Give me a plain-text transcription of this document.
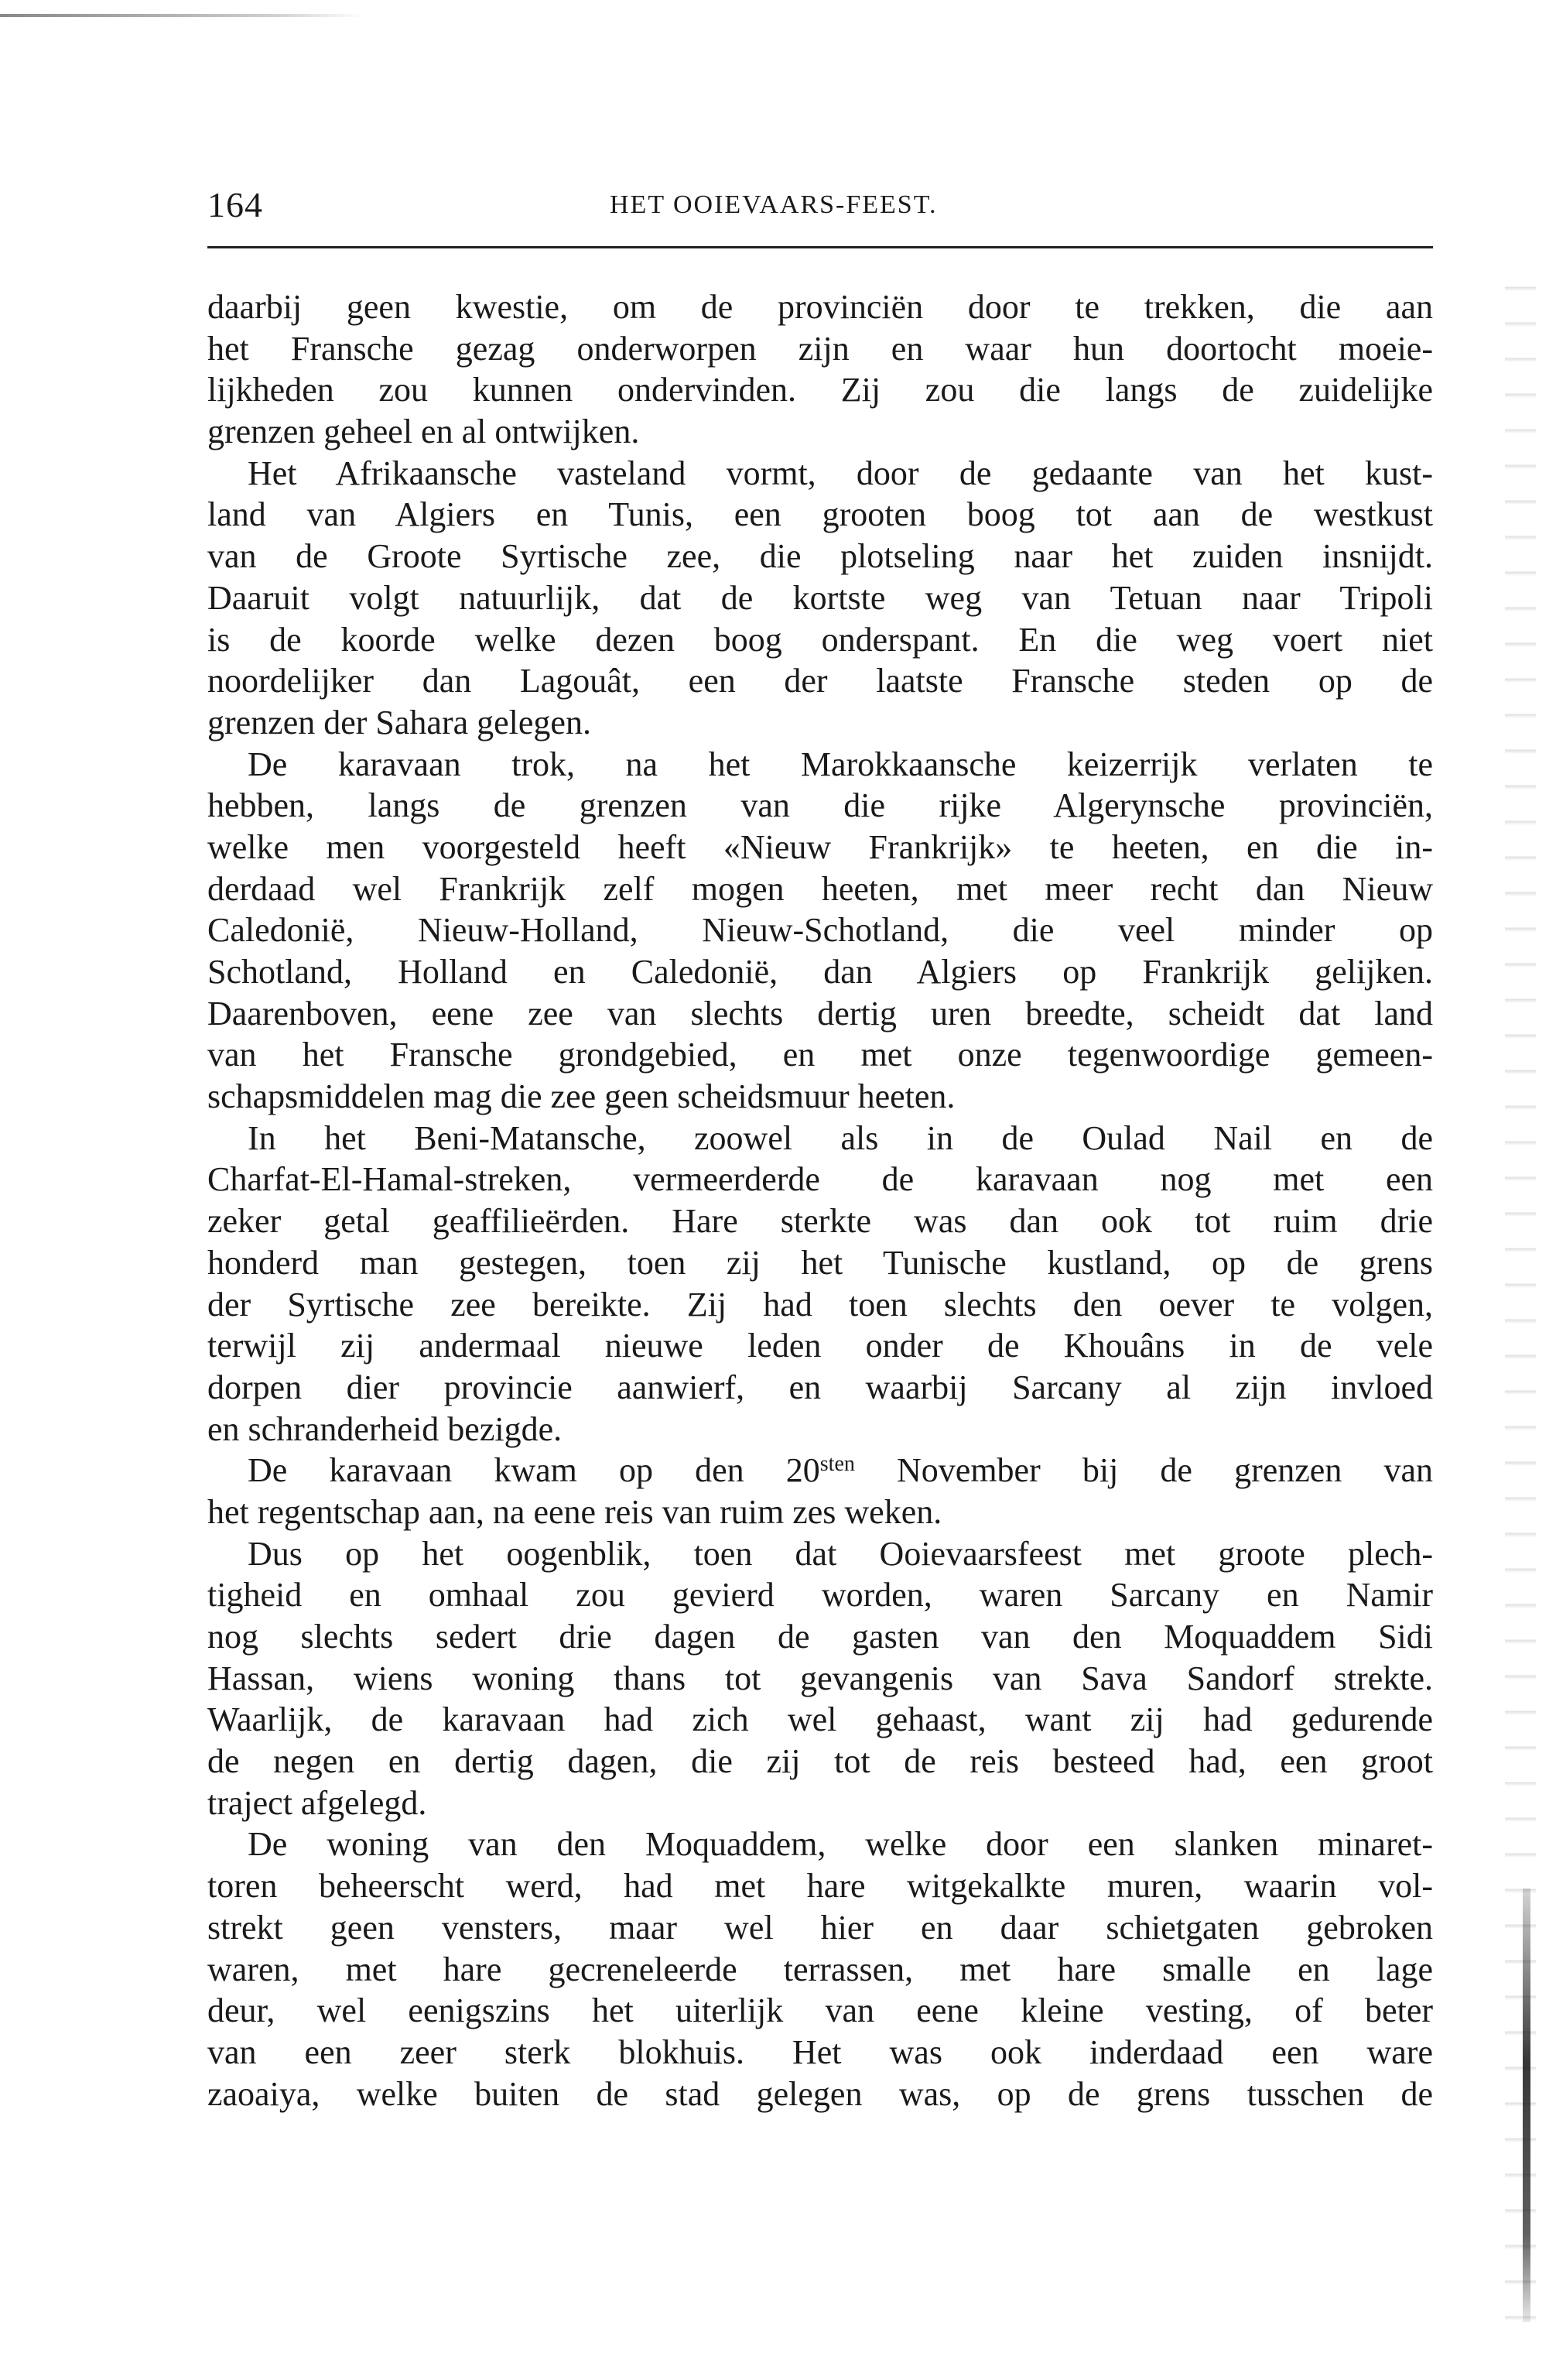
164	HET OOIEVAARS-FEEST.
daarbij geen kwestie, om de provinciën door te trekken, die aan
het Fransche gezag onderworpen zijn en waar hun doortocht moeie-
lijkheden zou kunnen ondervinden. Zij zou die langs de zuidelijke
grenzen geheel en al ontwijken.
Het Afrikaansche vasteland vormt, door de gedaante van het kust-
land van Algiers en Tunis, een grooten boog tot aan de westkust
van de Groote Syrtische zee, die plotseling naar het zuiden insnijdt.
Daaruit volgt natuurlijk, dat de kortste weg van Tetuan naar Tripoli
is de koorde welke dezen boog onderspant. En die weg voert niet
noordelijker dan Lagouât, een der laatste Fransche steden op de
grenzen der Sahara gelegen.
De karavaan trok, na het Marokkaansche keizerrijk verlaten te
hebben, langs de grenzen van die rijke Algerynsche provinciën,
welke men voorgesteld heeft «Nieuw Frankrijk» te heeten, en die in-
derdaad wel Frankrijk zelf mogen heeten, met meer recht dan Nieuw
Caledonië, Nieuw-Holland, Nieuw-Schotland, die veel minder op
Schotland, Holland en Caledonië, dan Algiers op Frankrijk gelijken.
Daarenboven, eene zee van slechts dertig uren breedte, scheidt dat land
van het Fransche grondgebied, en met onze tegenwoordige gemeen-
schapsmiddelen mag die zee geen scheidsmuur heeten.
In het Beni-Matansche, zoowel als in de Oulad Nail en de
Charfat-El-Hamal-streken, vermeerderde de karavaan nog met een
zeker getal geaffilieërden. Hare sterkte was dan ook tot ruim drie
honderd man gestegen, toen zij het Tunische kustland, op de grens
der Syrtische zee bereikte. Zij had toen slechts den oever te volgen,
terwijl zij andermaal nieuwe leden onder de Khouâns in de vele
dorpen dier provincie aanwierf, en waarbij Sarcany al zijn invloed
en schranderheid bezigde.
De karavaan kwam op den $20^{sten}$ November bij de grenzen van
het regentschap aan, na eene reis van ruim zes weken.
Dus op het oogenblik, toen dat Ooievaarsfeest met groote plech-
tigheid en omhaal zou gevierd worden, waren Sarcany en Namir
nog slechts sedert drie dagen de gasten van den Moquaddem Sidi
Hassan, wiens woning thans tot gevangenis van Sava Sandorf strekte.
Waarlijk, de karavaan had zich wel gehaast, want zij had gedurende
de negen en dertig dagen, die zij tot de reis besteed had, een groot
traject afgelegd.
De woning van den Moquaddem, welke door een slanken minaret-
toren beheerscht werd, had met hare witgekalkte muren, waarin vol-
strekt geen vensters, maar wel hier en daar schietgaten gebroken
waren, met hare gecreneleerde terrassen, met hare smalle en lage
deur, wel eenigszins het uiterlijk van eene kleine vesting, of beter
van een zeer sterk blokhuis. Het was ook inderdaad een ware
zaoaiya, welke buiten de stad gelegen was, op de grens tusschen de
